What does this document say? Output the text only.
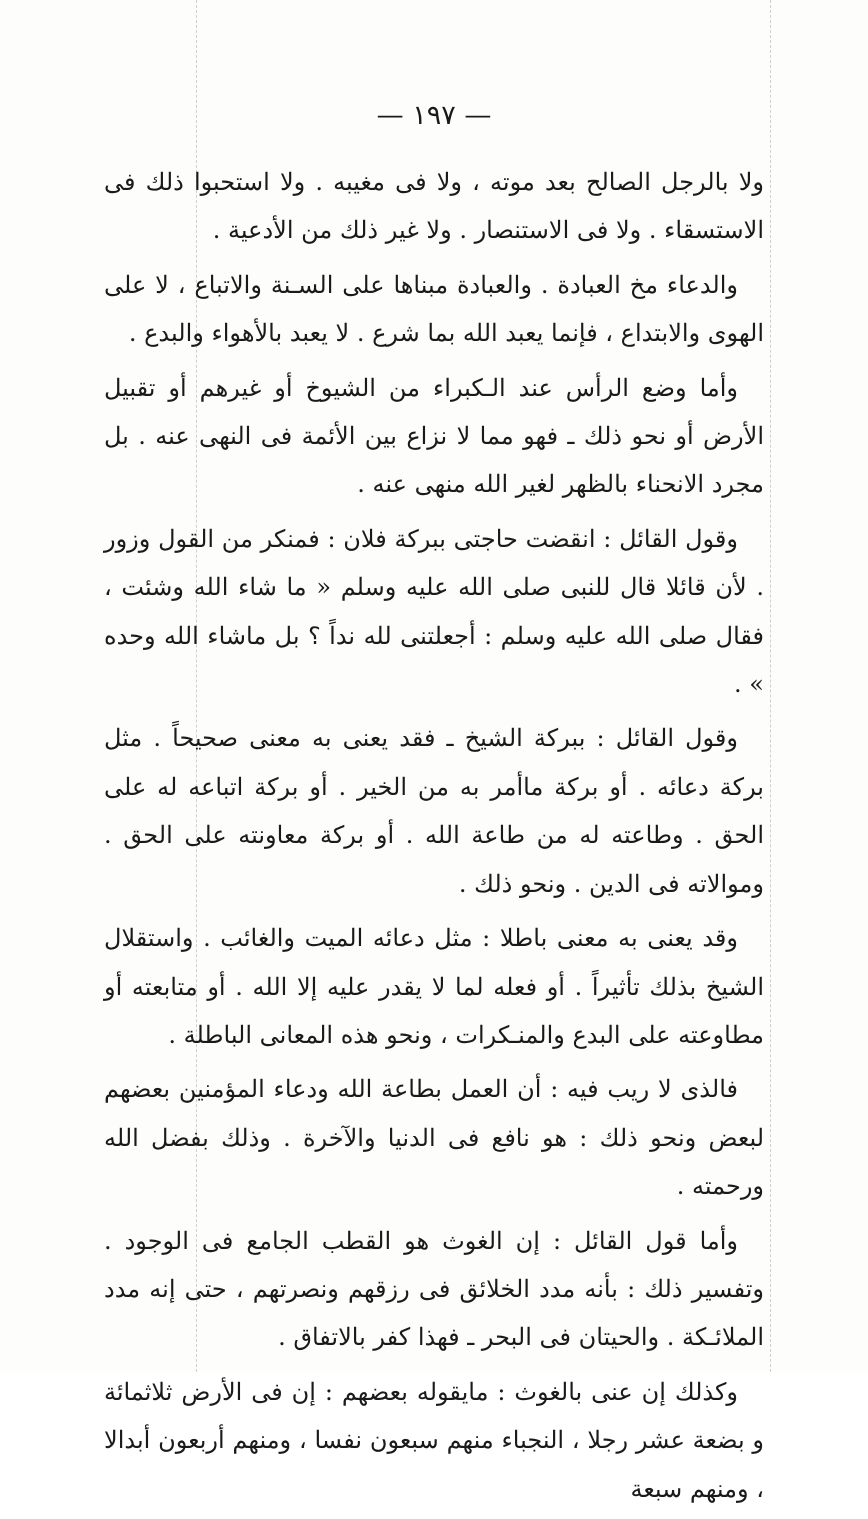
— ١٩٧ —

ولا بالرجل الصالح بعد موته ، ولا فى مغيبه . ولا استحبوا ذلك فى الاستسقاء . ولا فى الاستنصار . ولا غير ذلك من الأدعية .

والدعاء مخ العبادة . والعبادة مبناها على السـنة والاتباع ، لا على الهوى والابتداع ، فإنما يعبد الله بما شرع . لا يعبد بالأهواء والبدع .

وأما وضع الرأس عند الـكبراء من الشيوخ أو غيرهم أو تقبيل الأرض أو نحو ذلك ـ فهو مما لا نزاع بين الأئمة فى النهى عنه . بل مجرد الانحناء بالظهر لغير الله منهى عنه .

وقول القائل : انقضت حاجتى ببركة فلان : فمنكر من القول وزور . لأن قائلا قال للنبى صلى الله عليه وسلم « ما شاء الله وشئت ، فقال صلى الله عليه وسلم : أجعلتنى لله نداً ؟ بل ماشاء الله وحده » .

وقول القائل : ببركة الشيخ ـ فقد يعنى به معنى صحيحاً . مثل بركة دعائه . أو بركة ماأمر به من الخير . أو بركة اتباعه له على الحق . وطاعته له من طاعة الله . أو بركة معاونته على الحق . وموالاته فى الدين . ونحو ذلك .

وقد يعنى به معنى باطلا : مثل دعائه الميت والغائب . واستقلال الشيخ بذلك تأثيراً . أو فعله لما لا يقدر عليه إلا الله . أو متابعته أو مطاوعته على البدع والمنـكرات ، ونحو هذه المعانى الباطلة .

فالذى لا ريب فيه : أن العمل بطاعة الله ودعاء المؤمنين بعضهم لبعض ونحو ذلك : هو نافع فى الدنيا والآخرة . وذلك بفضل الله ورحمته .

وأما قول القائل : إن الغوث هو القطب الجامع فى الوجود . وتفسير ذلك : بأنه مدد الخلائق فى رزقهم ونصرتهم ، حتى إنه مدد الملائـكة . والحيتان فى البحر ـ فهذا كفر بالاتفاق .

وكذلك إن عنى بالغوث : مايقوله بعضهم : إن فى الأرض ثلاثمائة و بضعة عشر رجلا ، النجباء منهم سبعون نفسا ، ومنهم أربعون أبدالا ، ومنهم سبعة
